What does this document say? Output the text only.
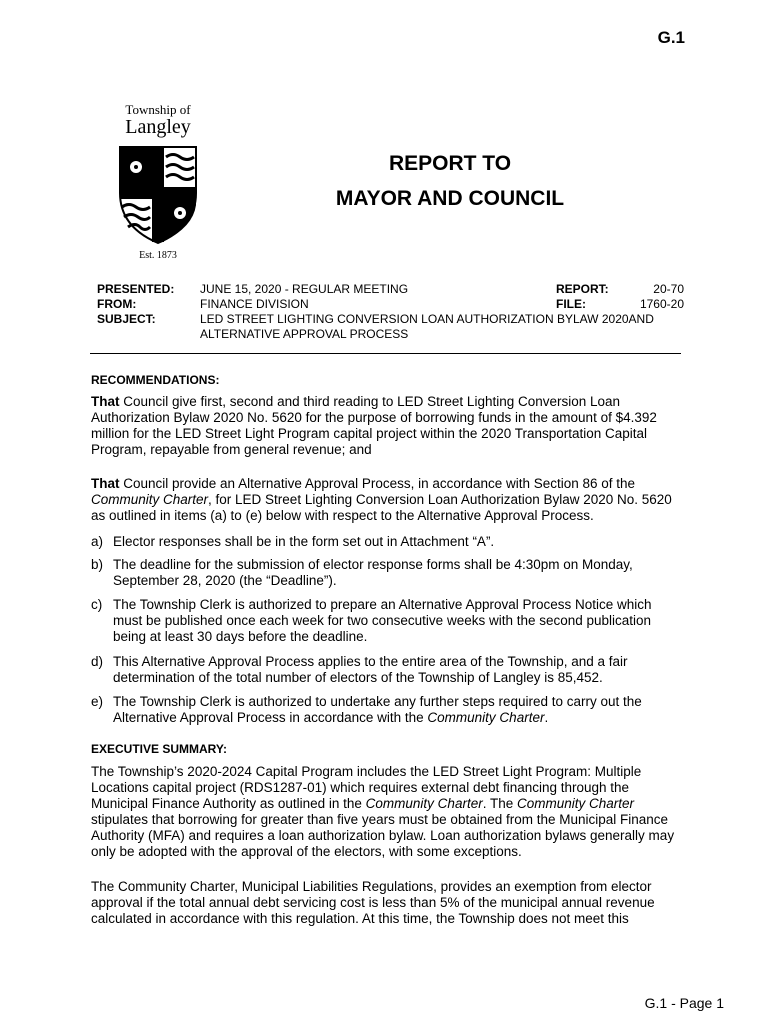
G.1
Township of
Langley
Est. 1873
REPORT TO
MAYOR AND COUNCIL
PRESENTED: JUNE 15, 2020 - REGULAR MEETING	REPORT:	20-70
FROM:	FINANCE DIVISION	FILE:	1760-20
SUBJECT:	LED STREET LIGHTING CONVERSION LOAN AUTHORIZATION BYLAW 2020AND
ALTERNATIVE APPROVAL PROCESS
RECOMMENDATIONS:
That Council give first, second and third reading to LED Street Lighting Conversion Loan Authorization Bylaw 2020 No. 5620 for the purpose of borrowing funds in the amount of $4.392 million for the LED Street Light Program capital project within the 2020 Transportation Capital Program, repayable from general revenue; and
That Council provide an Alternative Approval Process, in accordance with Section 86 of the Community Charter, for LED Street Lighting Conversion Loan Authorization Bylaw 2020 No. 5620 as outlined in items (a) to (e) below with respect to the Alternative Approval Process.
a) Elector responses shall be in the form set out in Attachment “A”.
b) The deadline for the submission of elector response forms shall be 4:30pm on Monday, September 28, 2020 (the “Deadline”).
c) The Township Clerk is authorized to prepare an Alternative Approval Process Notice which must be published once each week for two consecutive weeks with the second publication being at least 30 days before the deadline.
d) This Alternative Approval Process applies to the entire area of the Township, and a fair determination of the total number of electors of the Township of Langley is 85,452.
e) The Township Clerk is authorized to undertake any further steps required to carry out the Alternative Approval Process in accordance with the Community Charter.
EXECUTIVE SUMMARY:
The Township’s 2020-2024 Capital Program includes the LED Street Light Program: Multiple Locations capital project (RDS1287-01) which requires external debt financing through the Municipal Finance Authority as outlined in the Community Charter. The Community Charter stipulates that borrowing for greater than five years must be obtained from the Municipal Finance Authority (MFA) and requires a loan authorization bylaw. Loan authorization bylaws generally may only be adopted with the approval of the electors, with some exceptions.
The Community Charter, Municipal Liabilities Regulations, provides an exemption from elector approval if the total annual debt servicing cost is less than 5% of the municipal annual revenue calculated in accordance with this regulation. At this time, the Township does not meet this
G.1 - Page 1
